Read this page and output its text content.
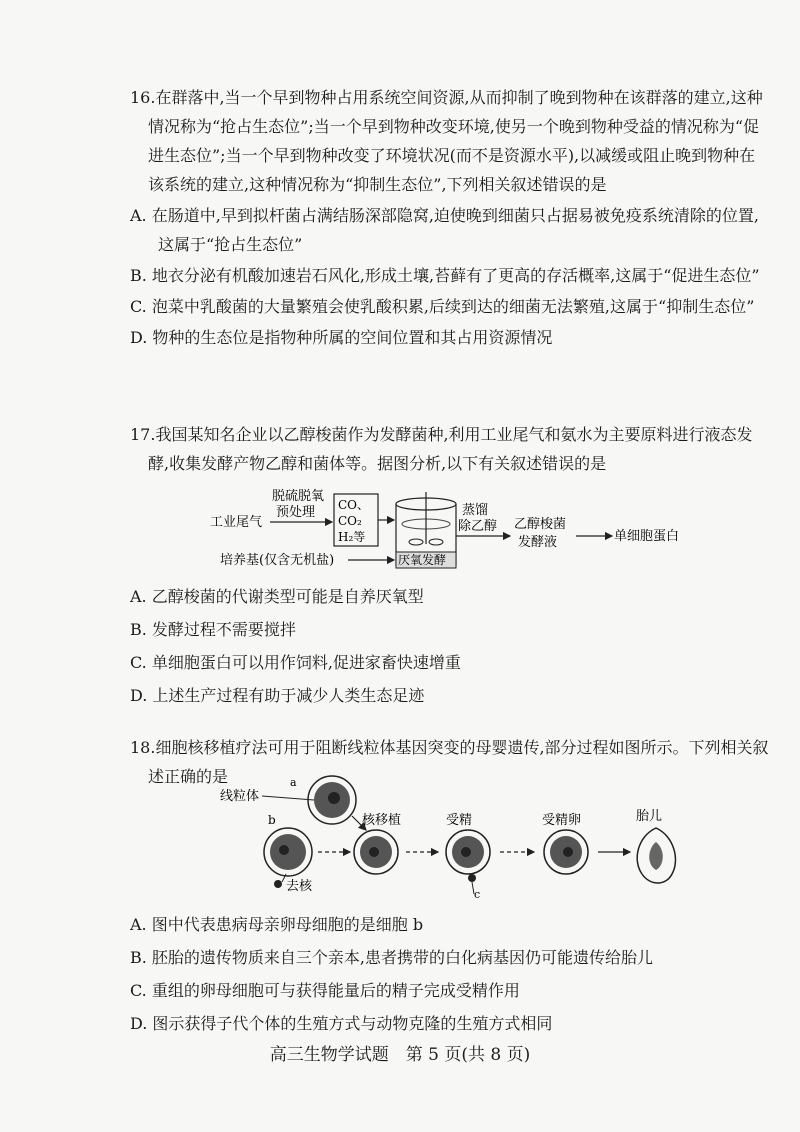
16.在群落中,当一个早到物种占用系统空间资源,从而抑制了晚到物种在该群落的建立,这种情况称为“抢占生态位”;当一个早到物种改变环境,使另一个晚到物种受益的情况称为“促进生态位”;当一个早到物种改变了环境状况(而不是资源水平),以减缓或阻止晚到物种在该系统的建立,这种情况称为“抑制生态位”,下列相关叙述错误的是

A. 在肠道中,早到拟杆菌占满结肠深部隐窝,迫使晚到细菌只占据易被免疫系统清除的位置,这属于“抢占生态位”

B. 地衣分泌有机酸加速岩石风化,形成土壤,苔藓有了更高的存活概率,这属于“促进生态位”

C. 泡菜中乳酸菌的大量繁殖会使乳酸积累,后续到达的细菌无法繁殖,这属于“抑制生态位”

D. 物种的生态位是指物种所属的空间位置和其占用资源情况

17.我国某知名企业以乙醇梭菌作为发酵菌种,利用工业尾气和氨水为主要原料进行液态发酵,收集发酵产物乙醇和菌体等。据图分析,以下有关叙述错误的是

工业尾气
脱硫脱氧
预处理 CO、
CO₂
H₂等
厌氧发酵
培养基(仅含无机盐)
蒸馏
除乙醇 乙醇梭菌
发酵液	单细胞蛋白

A. 乙醇梭菌的代谢类型可能是自养厌氧型

B. 发酵过程不需要搅拌

C. 单细胞蛋白可以用作饲料,促进家畜快速增重

D. 上述生产过程有助于减少人类生态足迹

18.细胞核移植疗法可用于阻断线粒体基因突变的母婴遗传,部分过程如图所示。下列相关叙述正确的是

线粒体
a
b
去核
核移植	受精
c
受精卵	胎儿

A. 图中代表患病母亲卵母细胞的是细胞 b

B. 胚胎的遗传物质来自三个亲本,患者携带的白化病基因仍可能遗传给胎儿

C. 重组的卵母细胞可与获得能量后的精子完成受精作用

D. 图示获得子代个体的生殖方式与动物克隆的生殖方式相同

高三生物学试题　第 5 页(共 8 页)
